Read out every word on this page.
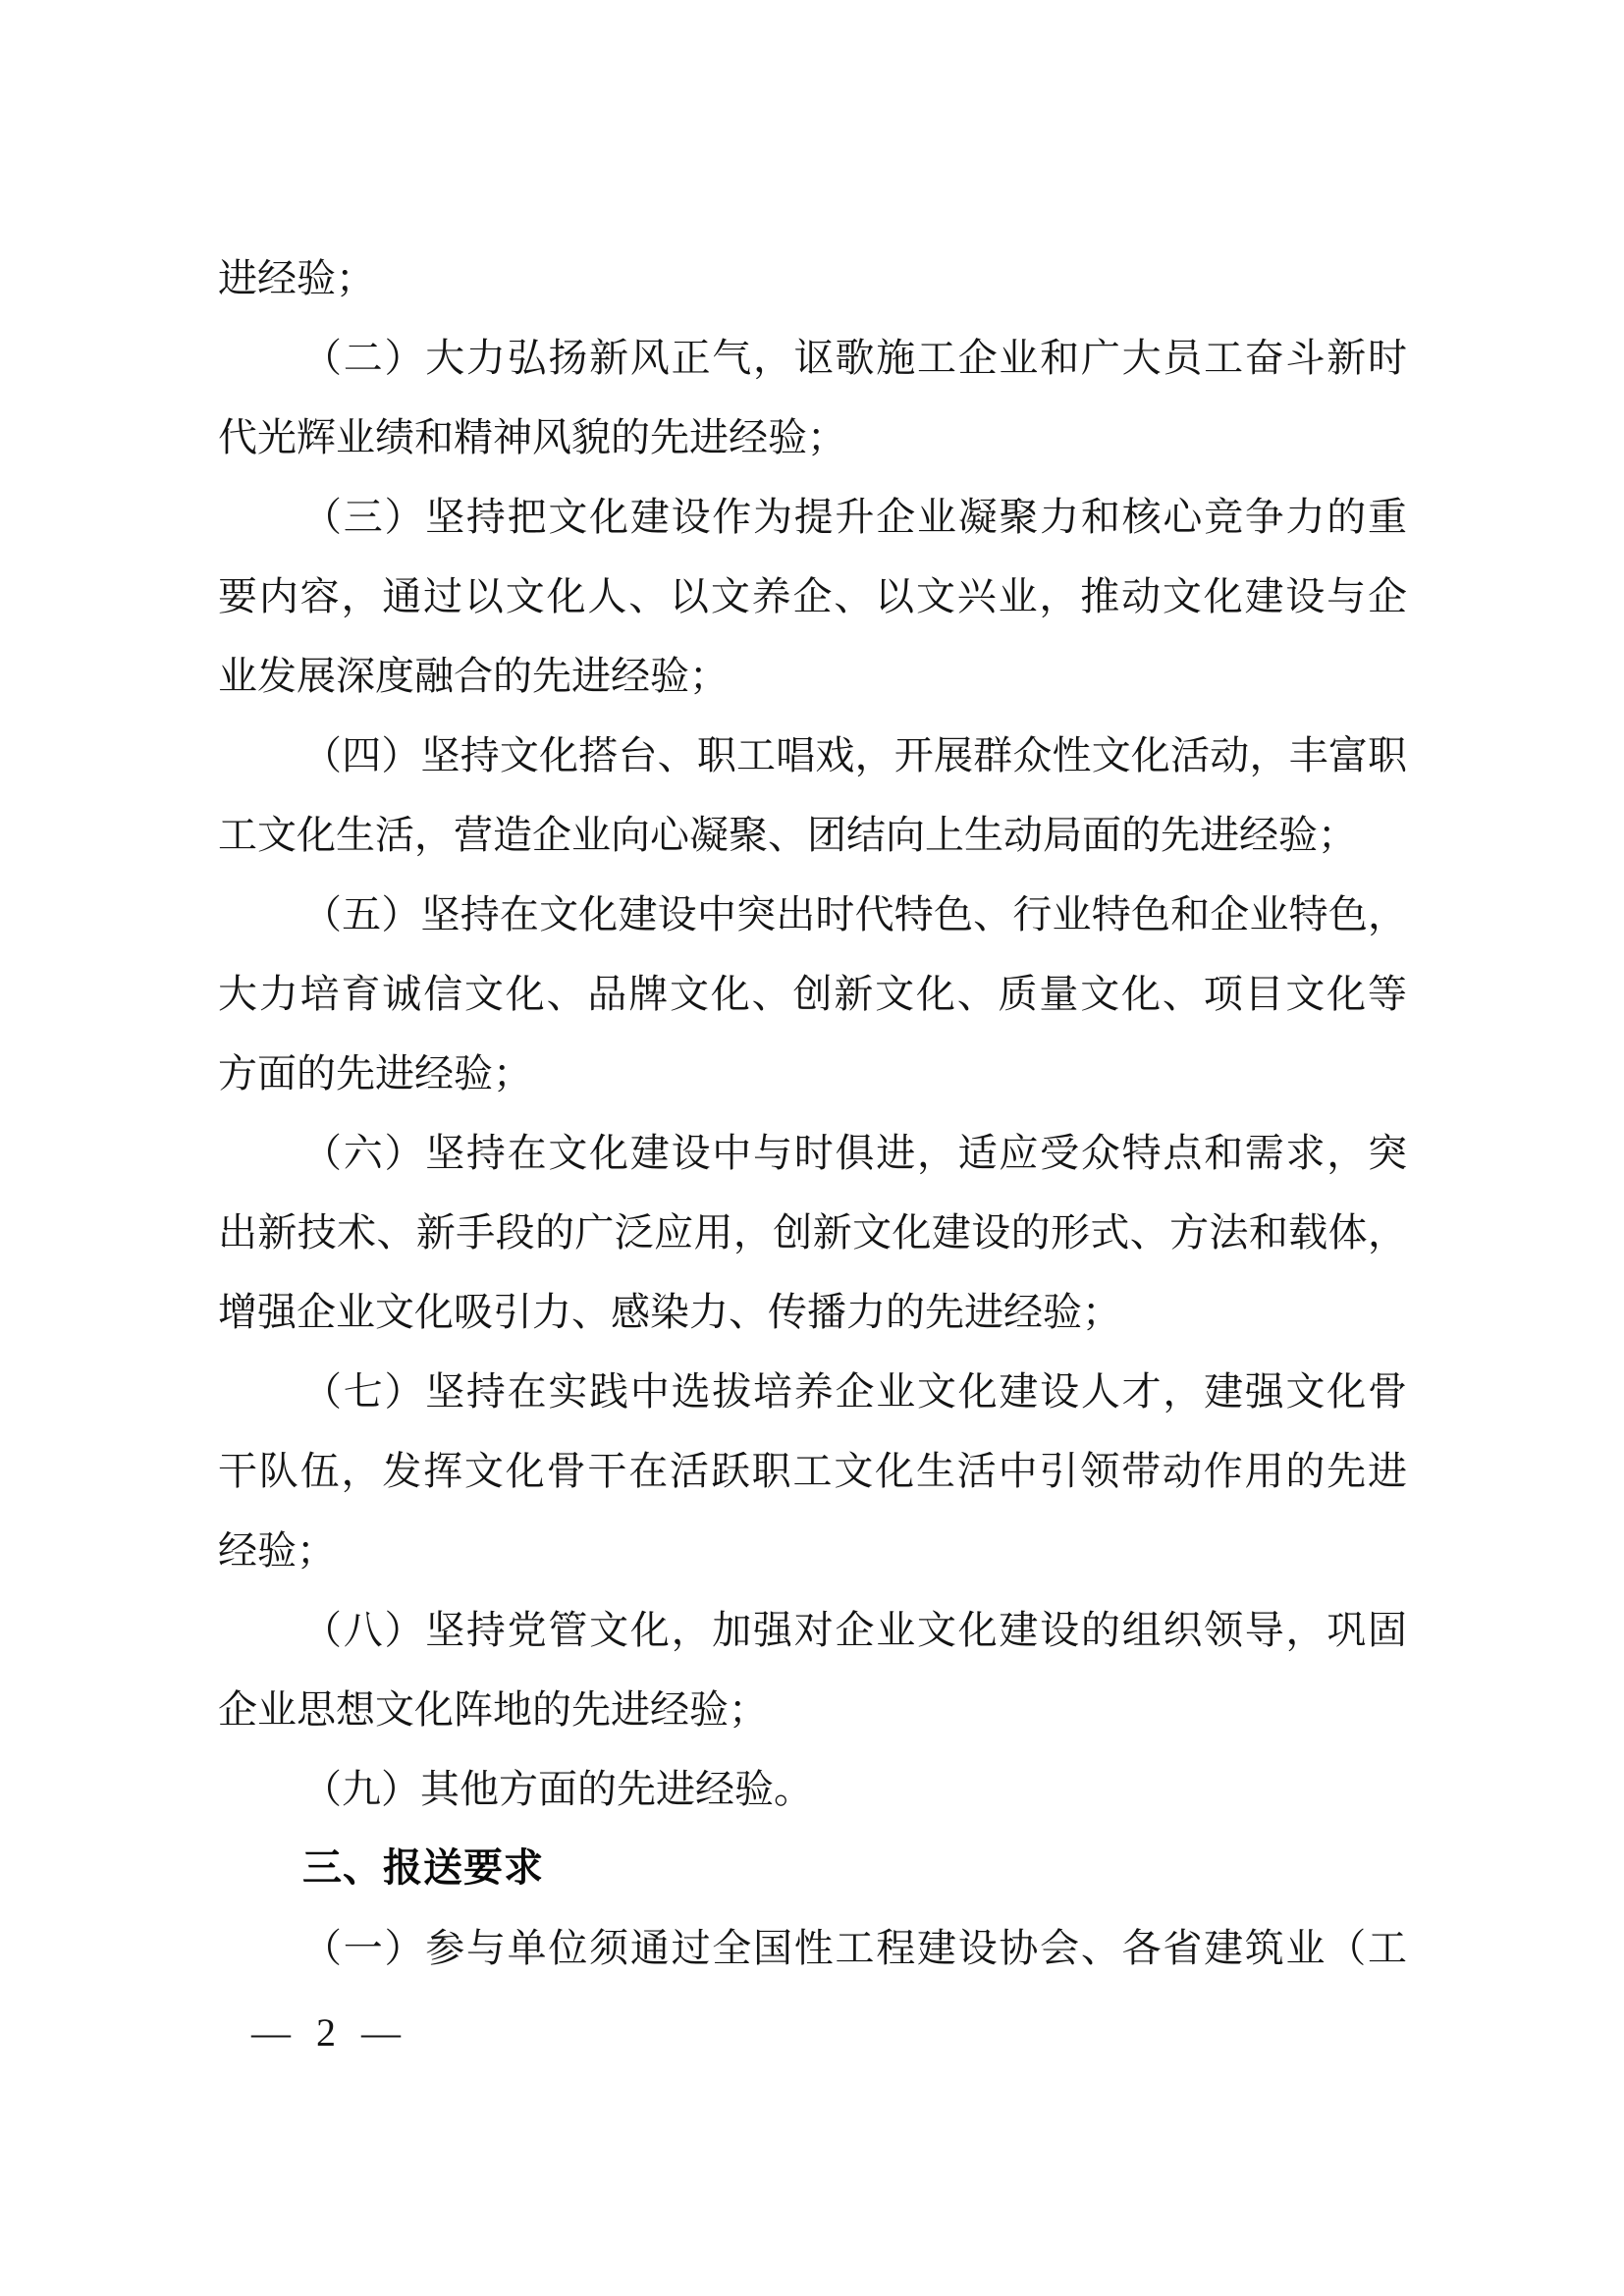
进经验；
（二）大力弘扬新风正气，讴歌施工企业和广大员工奋斗新时
代光辉业绩和精神风貌的先进经验；
（三）坚持把文化建设作为提升企业凝聚力和核心竞争力的重
要内容，通过以文化人、以文养企、以文兴业，推动文化建设与企
业发展深度融合的先进经验；
（四）坚持文化搭台、职工唱戏，开展群众性文化活动，丰富职
工文化生活，营造企业向心凝聚、团结向上生动局面的先进经验；
（五）坚持在文化建设中突出时代特色、行业特色和企业特色，
大力培育诚信文化、品牌文化、创新文化、质量文化、项目文化等
方面的先进经验；
（六）坚持在文化建设中与时俱进，适应受众特点和需求，突
出新技术、新手段的广泛应用，创新文化建设的形式、方法和载体，
增强企业文化吸引力、感染力、传播力的先进经验；
（七）坚持在实践中选拔培养企业文化建设人才，建强文化骨
干队伍，发挥文化骨干在活跃职工文化生活中引领带动作用的先进
经验；
（八）坚持党管文化，加强对企业文化建设的组织领导，巩固
企业思想文化阵地的先进经验；
（九）其他方面的先进经验。
三、报送要求
（一）参与单位须通过全国性工程建设协会、各省建筑业（工
— 2 —
